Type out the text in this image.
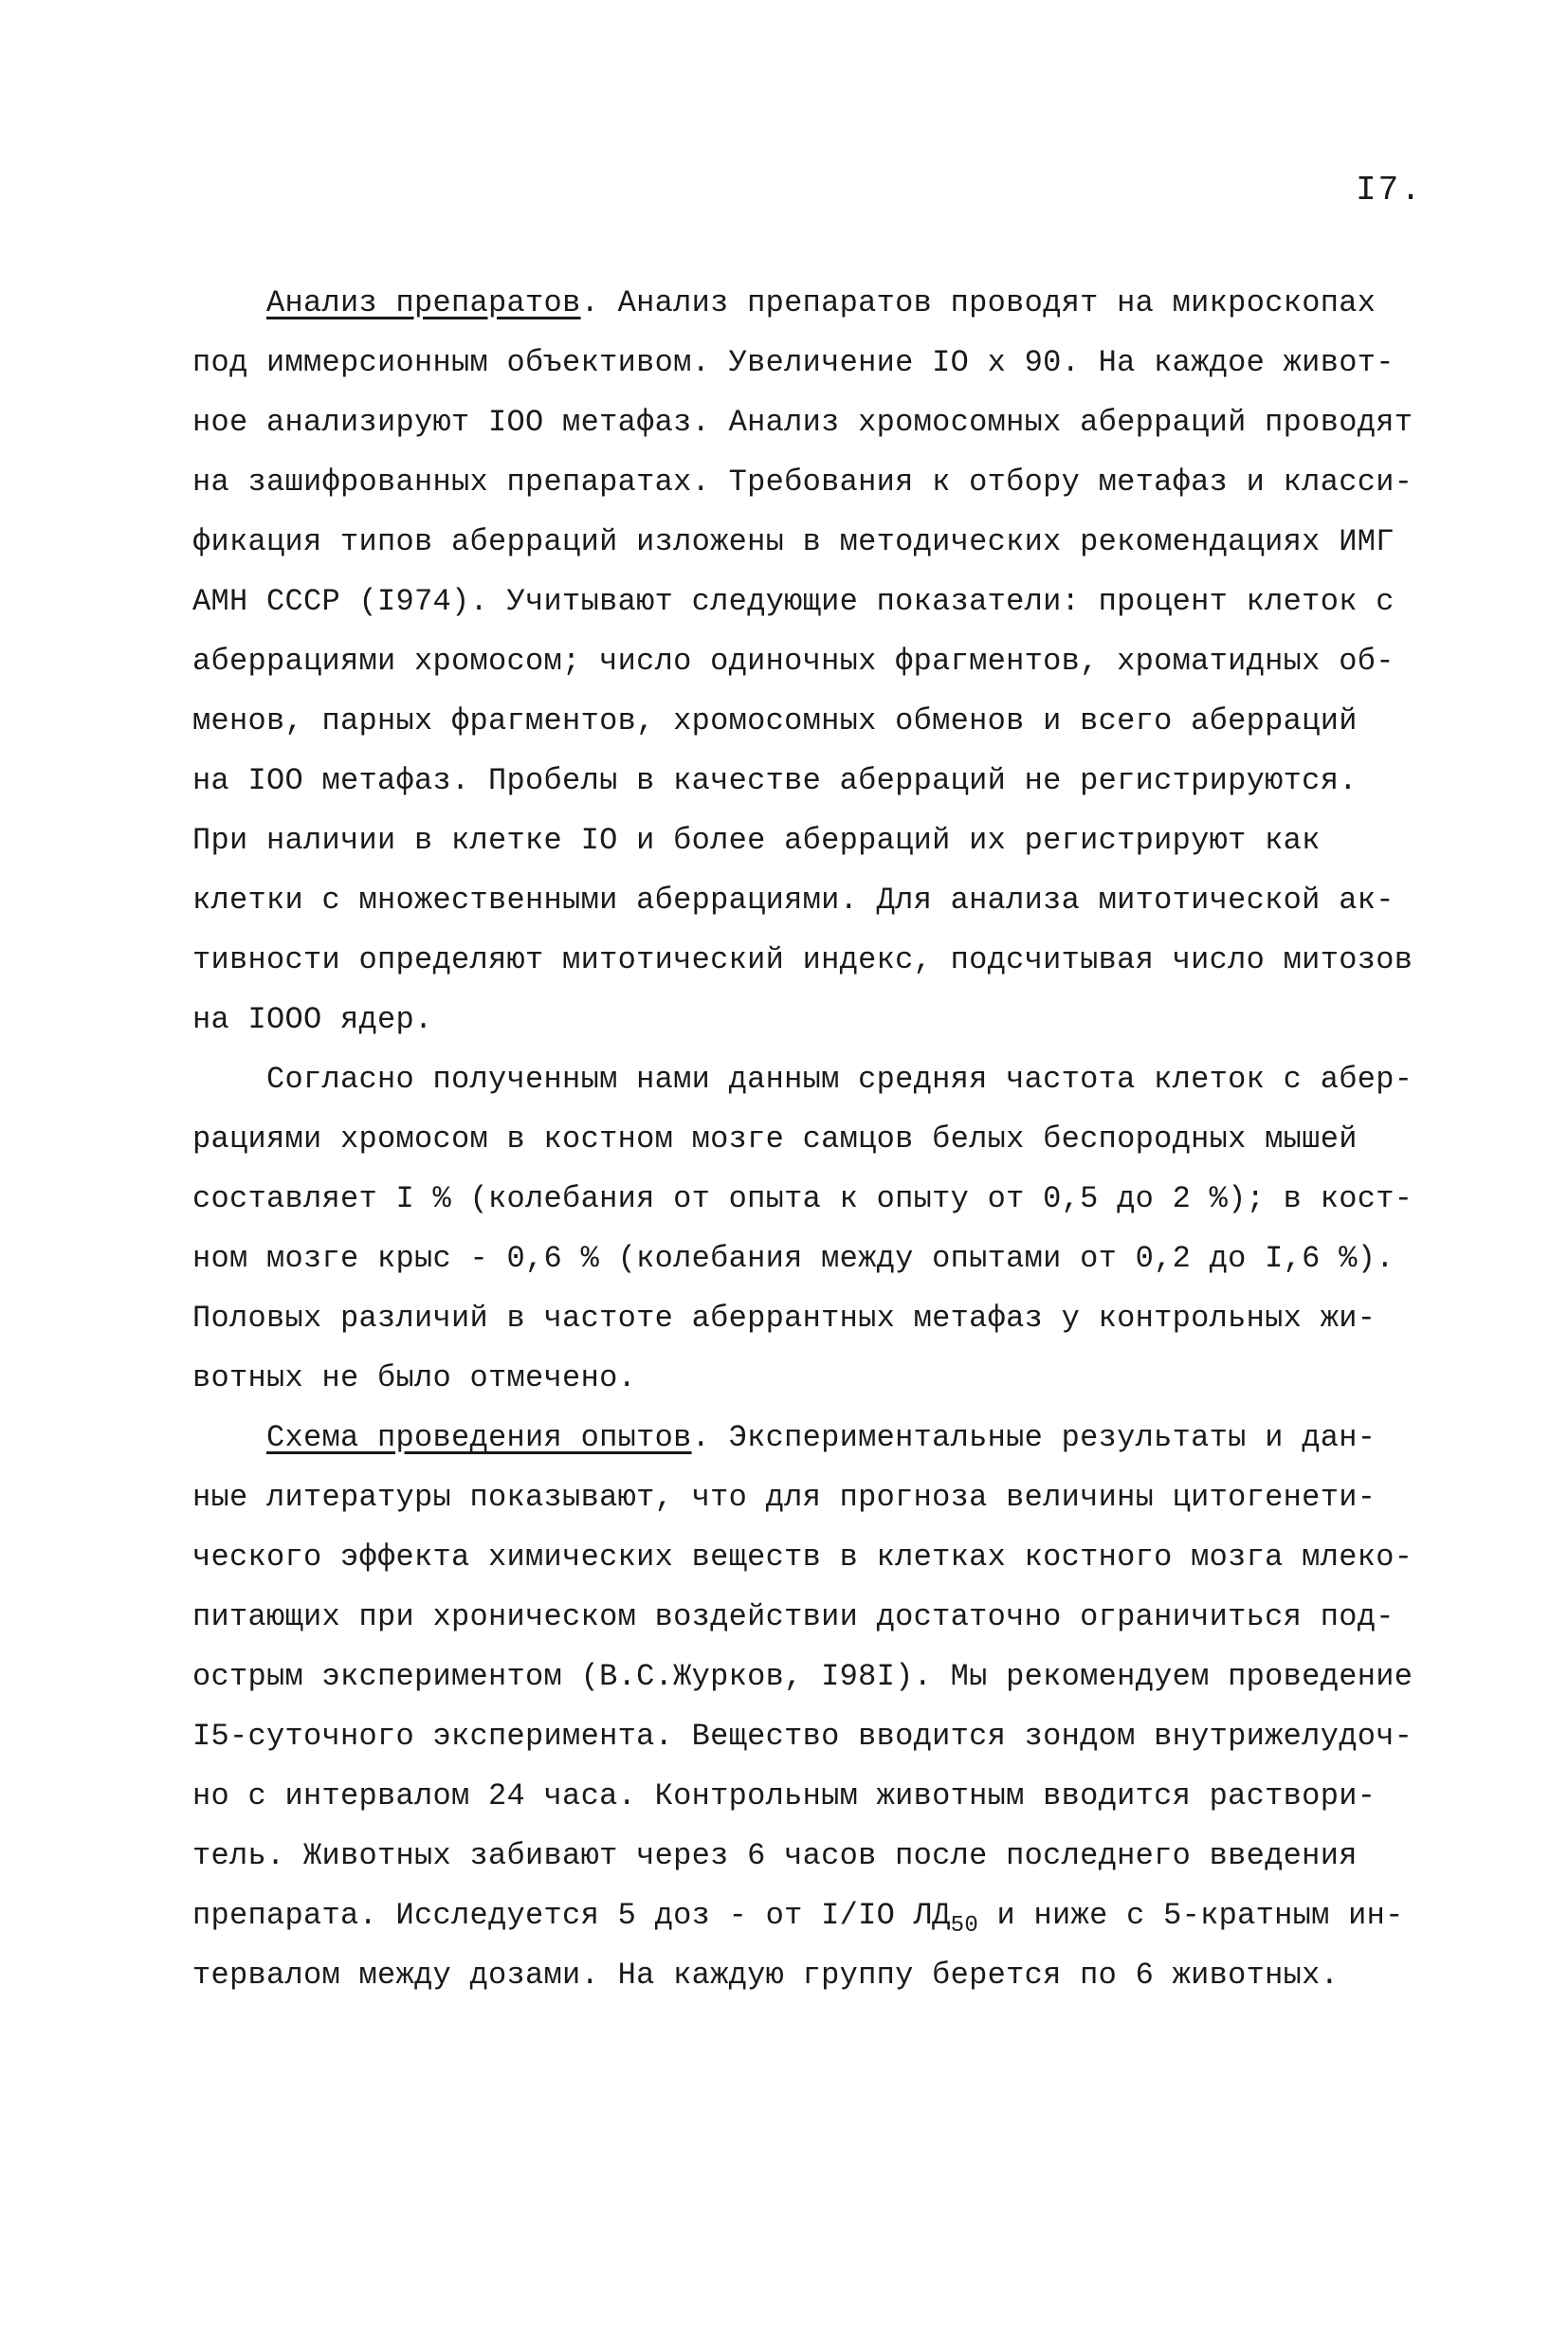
I7.
Анализ препаратов. Анализ препаратов проводят на микроскопах
под иммерсионным объективом. Увеличение IO x 90. На каждое живот-
ное анализируют IOO метафаз. Анализ хромосомных аберраций проводят
на зашифрованных препаратах. Требования к отбору метафаз и класси-
фикация типов аберраций изложены в методических рекомендациях ИМГ
АМН СССР (I974). Учитывают следующие показатели: процент клеток с
аберрациями хромосом; число одиночных фрагментов, хроматидных об-
менов, парных фрагментов, хромосомных обменов и всего аберраций
на IOO метафаз. Пробелы в качестве аберраций не регистрируются.
При наличии в клетке IO и более аберраций их регистрируют как
клетки с множественными аберрациями. Для анализа митотической ак-
тивности определяют митотический индекс, подсчитывая число митозов
на IOOO ядер.
Согласно полученным нами данным средняя частота клеток с абер-
рациями хромосом в костном мозге самцов белых беспородных мышей
составляет I % (колебания от опыта к опыту от 0,5 до 2 %); в кост-
ном мозге крыс - 0,6 % (колебания между опытами от 0,2 до I,6 %).
Половых различий в частоте аберрантных метафаз у контрольных жи-
вотных не было отмечено.
Схема проведения опытов. Экспериментальные результаты и дан-
ные литературы показывают, что для прогноза величины цитогенети-
ческого эффекта химических веществ в клетках костного мозга млеко-
питающих при хроническом воздействии достаточно ограничиться под-
острым экспериментом (В.С.Журков, I98I). Мы рекомендуем проведение
I5-суточного эксперимента. Вещество вводится зондом внутрижелудоч-
но с интервалом 24 часа. Контрольным животным вводится раствори-
тель. Животных забивают через 6 часов после последнего введения
препарата. Исследуется 5 доз - от I/IO $ЛД_{50}$ и ниже с 5-кратным ин-
тервалом между дозами. На каждую группу берется по 6 животных.
